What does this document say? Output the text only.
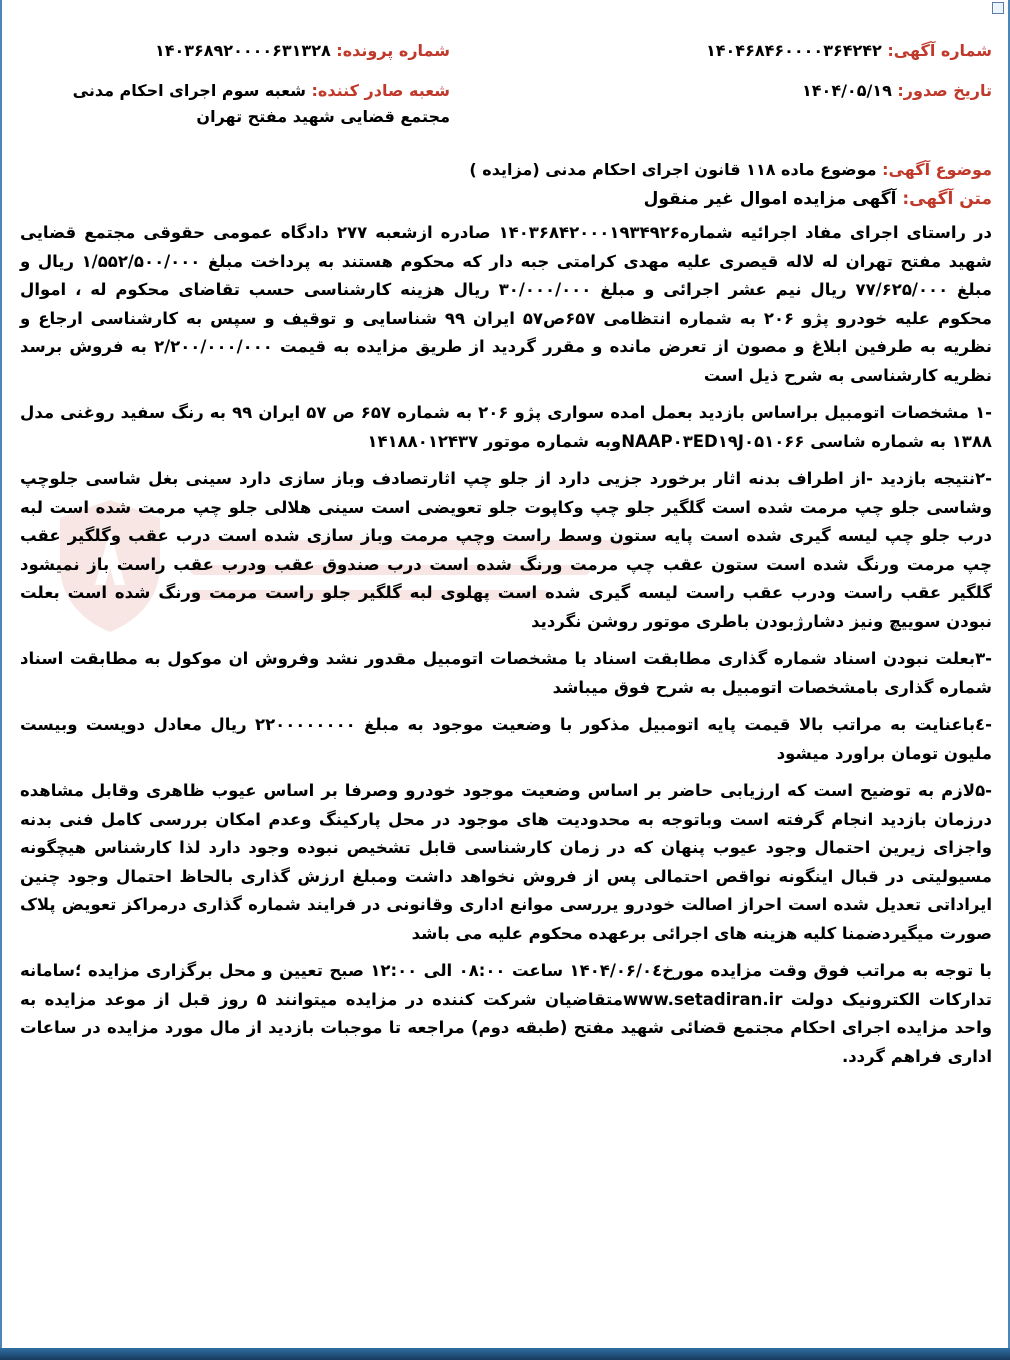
شماره آگهی: ۱۴۰۴۶۸۴۶۰۰۰۰۳۶۴۲۴۲
تاریخ صدور: ۱۴۰۴/۰۵/۱۹
شماره پرونده: ۱۴۰۳۶۸۹۲۰۰۰۰۶۳۱۳۲۸
شعبه صادر کننده: شعبه سوم اجرای احکام مدنی مجتمع قضایی شهید مفتح تهران
موضوع آگهی: موضوع ماده ۱۱۸ قانون اجرای احکام مدنی (مزایده )
متن آگهی: آگهی مزایده اموال غیر منقول
در راستای اجرای مفاد اجرائیه شماره۱۴۰۳۶۸۴۲۰۰۰۱۹۳۴۹۲۶ صادره ازشعبه ۲۷۷ دادگاه عمومی حقوقی مجتمع قضایی شهید مفتح تهران له لاله قیصری علیه مهدی کرامتی جبه دار که محکوم هستند به پرداخت مبلغ ۱/۵۵۲/۵۰۰/۰۰۰ ریال و مبلغ ۷۷/۶۲۵/۰۰۰ ریال نیم عشر اجرائی و مبلغ ۳۰/۰۰۰/۰۰۰ ریال هزینه کارشناسی حسب تقاضای محکوم له ، اموال محکوم علیه خودرو پژو ۲۰۶ به شماره انتظامی ۶۵۷ص۵۷ ایران ۹۹ شناسایی و توقیف و سپس به کارشناسی ارجاع و نظریه به طرفین ابلاغ و مصون از تعرض مانده و مقرر گردید از طریق مزایده به قیمت ۲/۲۰۰/۰۰۰/۰۰۰ به فروش برسد نظریه کارشناسی به شرح ذیل است
-۱ مشخصات اتومبیل براساس بازدید بعمل امده سواری پژو ۲۰۶ به شماره ۶۵۷ ص ۵۷ ایران ۹۹ به رنگ سفید روغنی مدل ۱۳۸۸ به شماره شاسی NAAP۰۳ED۱۹J۰۵۱۰۶۶وبه شماره موتور ۱۴۱۸۸۰۱۲۴۳۷
-۲نتیجه بازدید -از اطراف بدنه اثار برخورد جزیی دارد از جلو چپ اثارتصادف وباز سازی دارد سینی بغل شاسی جلوچپ وشاسی جلو چپ مرمت شده است گلگیر جلو چپ وکاپوت جلو تعویضی است سینی هلالی جلو چپ مرمت شده است لبه درب جلو چپ لیسه گیری شده است پایه ستون وسط راست وچپ مرمت وباز سازی شده است درب عقب وگلگیر عقب چپ مرمت ورنگ شده است ستون عقب چپ مرمت ورنگ شده است درب صندوق عقب ودرب عقب راست باز نمیشود گلگیر عقب راست ودرب عقب راست لیسه گیری شده است پهلوی لبه گلگیر جلو راست مرمت ورنگ شده است بعلت نبودن سوییچ ونیز دشارژبودن باطری موتور روشن نگردید
-۳بعلت نبودن اسناد شماره گذاری مطابقت اسناد با مشخصات اتومبیل مقدور نشد وفروش ان موکول به مطابقت اسناد شماره گذاری بامشخصات اتومبیل به شرح فوق میباشد
-٤باعنایت به مراتب بالا قیمت پایه اتومبیل مذکور با وضعیت موجود به مبلغ ۲۲۰۰۰۰۰۰۰۰ ریال معادل دویست وبیست ملیون تومان براورد میشود
-۵لازم به توضیح است که ارزیابی حاضر بر اساس وضعیت موجود خودرو وصرفا بر اساس عیوب ظاهری وقابل مشاهده درزمان بازدید انجام گرفته است وباتوجه به محدودیت های موجود در محل پارکینگ وعدم امکان بررسی کامل فنی بدنه واجزای زیرین احتمال وجود عیوب پنهان که در زمان کارشناسی قابل تشخیص نبوده وجود دارد لذا کارشناس هیچگونه مسیولیتی در قبال اینگونه نواقص احتمالی پس از فروش نخواهد داشت ومبلغ ارزش گذاری بالحاظ احتمال وجود چنین ایراداتی تعدیل شده است احراز اصالت خودرو یررسی موانع اداری وقانونی در فرایند شماره گذاری درمراکز تعویض پلاک صورت میگیردضمنا کلیه هزینه های اجرائی برعهده محکوم علیه می باشد
با توجه به مراتب فوق وقت مزایده مورخ۱۴۰۴/۰۶/۰٤ ساعت ۰۸:۰۰ الی ۱۲:۰۰ صبح تعیین و محل برگزاری مزایده ؛سامانه تدارکات الکترونیک دولت www.setadiran.irمتقاضیان شرکت کننده در مزایده میتوانند ۵ روز قبل از موعد مزایده به واحد مزایده اجرای احکام مجتمع قضائی شهید مفتح (طبقه دوم) مراجعه تا موجبات بازدید از مال مورد مزایده در ساعات اداری فراهم گردد.
